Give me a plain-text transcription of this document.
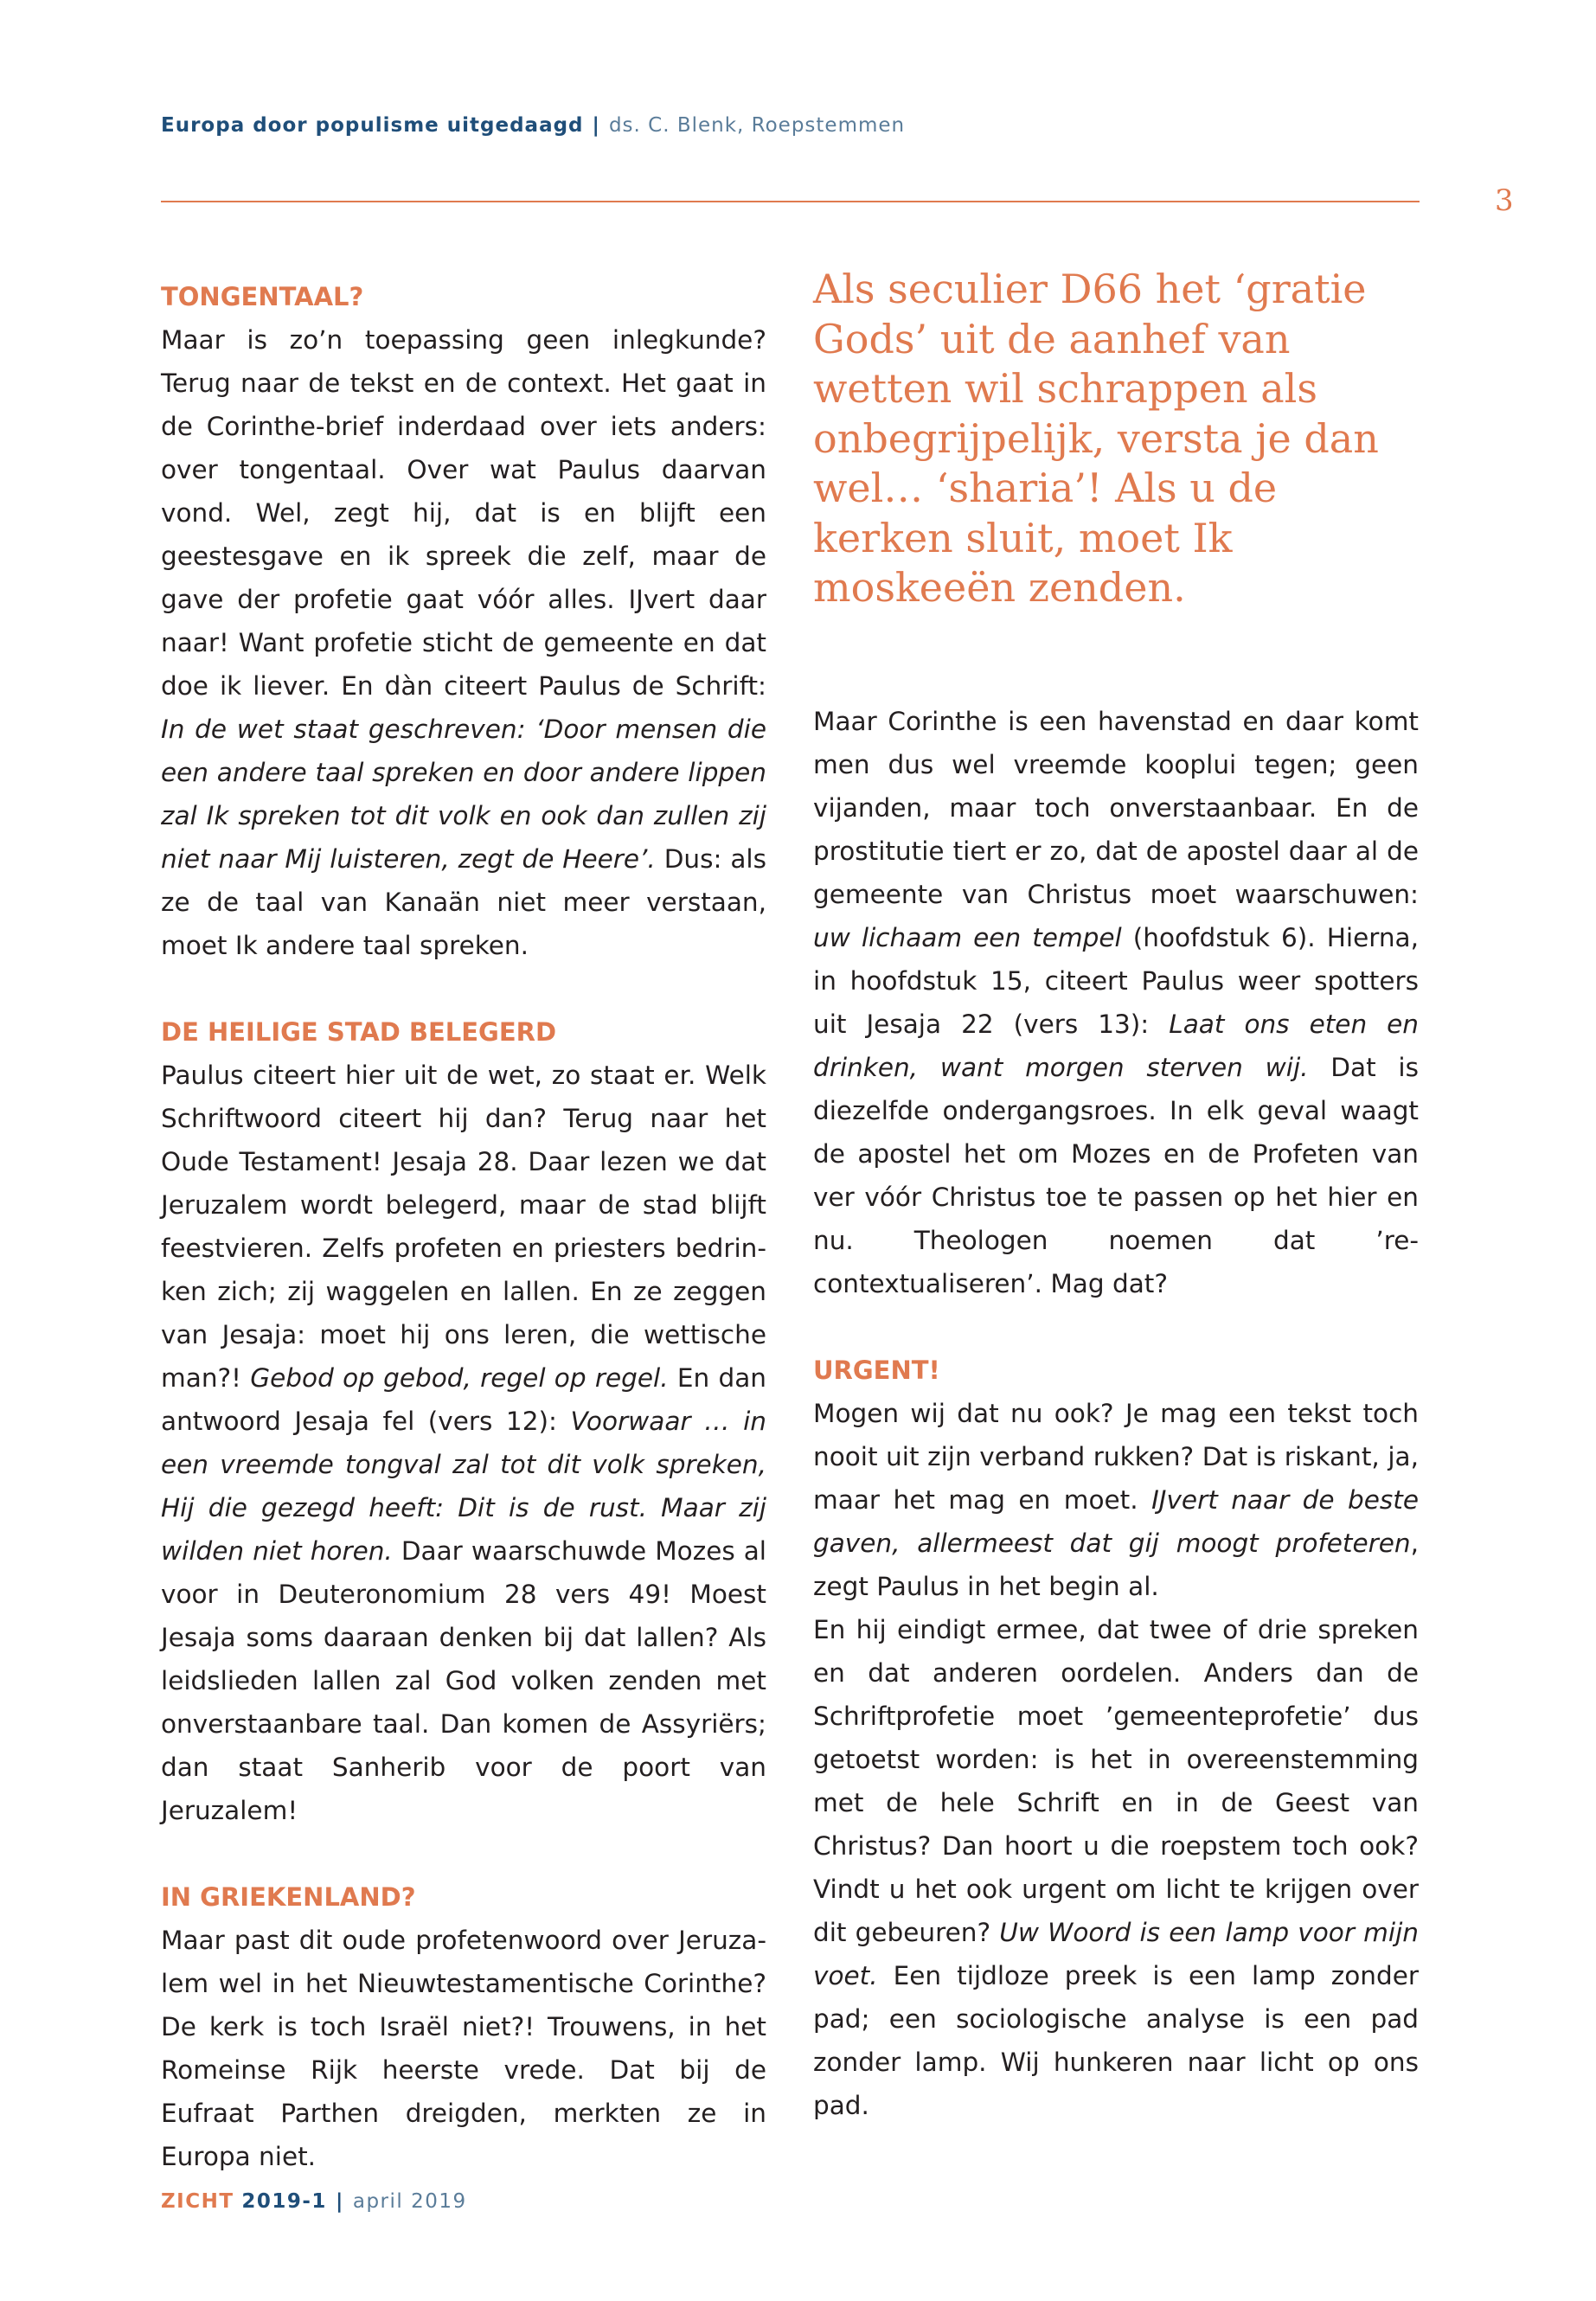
Europa door populisme uitgedaagd | ds. C. Blenk, Roepstemmen
3
TONGENTAAL?

Maar is zo’n toepassing geen inlegkunde? Terug naar de tekst en de context. Het gaat in de Corinthe-brief inderdaad over iets anders: over tongentaal. Over wat Paulus daarvan vond. Wel, zegt hij, dat is en blijft een geestesgave en ik spreek die zelf, maar de gave der profetie gaat vóór alles. IJvert daar naar! Want profetie sticht de gemeente en dat doe ik liever. En dàn citeert Paulus de Schrift: In de wet staat geschreven: ‘Door mensen die een andere taal spreken en door andere lippen zal Ik spreken tot dit volk en ook dan zullen zij niet naar Mij luisteren, zegt de Heere’. Dus: als ze de taal van Kanaän niet meer verstaan, moet Ik andere taal spreken.

DE HEILIGE STAD BELEGERD

Paulus citeert hier uit de wet, zo staat er. Welk Schriftwoord citeert hij dan? Terug naar het Oude Testament! Jesaja 28. Daar lezen we dat Jeruzalem wordt belegerd, maar de stad blijft feestvieren. Zelfs profeten en priesters bedrinken zich; zij waggelen en lallen. En ze zeggen van Jesaja: moet hij ons leren, die wettische man?! Gebod op gebod, regel op regel. En dan antwoord Jesaja fel (vers 12): Voorwaar … in een vreemde tongval zal tot dit volk spreken, Hij die gezegd heeft: Dit is de rust. Maar zij wilden niet horen. Daar waarschuwde Mozes al voor in Deuteronomium 28 vers 49! Moest Jesaja soms daaraan denken bij dat lallen? Als leidslieden lallen zal God volken zenden met onverstaanbare taal. Dan komen de Assyriërs; dan staat Sanherib voor de poort van Jeruzalem!

IN GRIEKENLAND?

Maar past dit oude profetenwoord over Jeruzalem wel in het Nieuwtestamentische Corinthe? De kerk is toch Israël niet?! Trouwens, in het Romeinse Rijk heerste vrede. Dat bij de Eufraat Parthen dreigden, merkten ze in Europa niet.

Als seculier D66 het ‘gratie Gods’ uit de aanhef van wetten wil schrappen als onbegrijpelijk, versta je dan wel… ‘sharia’! Als u de kerken sluit, moet Ik moskeeën zenden.

Maar Corinthe is een havenstad en daar komt men dus wel vreemde kooplui tegen; geen vijanden, maar toch onverstaanbaar. En de prostitutie tiert er zo, dat de apostel daar al de gemeente van Christus moet waarschuwen: uw lichaam een tempel (hoofdstuk 6). Hierna, in hoofdstuk 15, citeert Paulus weer spotters uit Jesaja 22 (vers 13): Laat ons eten en drinken, want morgen sterven wij. Dat is diezelfde ondergangsroes. In elk geval waagt de apostel het om Mozes en de Profeten van ver vóór Christus toe te passen op het hier en nu. Theologen noemen dat ’re-contextualiseren’. Mag dat?

URGENT!

Mogen wij dat nu ook? Je mag een tekst toch nooit uit zijn verband rukken? Dat is riskant, ja, maar het mag en moet. IJvert naar de beste gaven, allermeest dat gij moogt profeteren, zegt Paulus in het begin al.

En hij eindigt ermee, dat twee of drie spreken en dat anderen oordelen. Anders dan de Schriftprofetie moet ’gemeenteprofetie’ dus getoetst worden: is het in overeenstemming met de hele Schrift en in de Geest van Christus? Dan hoort u die roepstem toch ook? Vindt u het ook urgent om licht te krijgen over dit gebeuren? Uw Woord is een lamp voor mijn voet. Een tijdloze preek is een lamp zonder pad; een sociologische analyse is een pad zonder lamp. Wij hunkeren naar licht op ons pad.

ZICHT 2019-1 | april 2019
